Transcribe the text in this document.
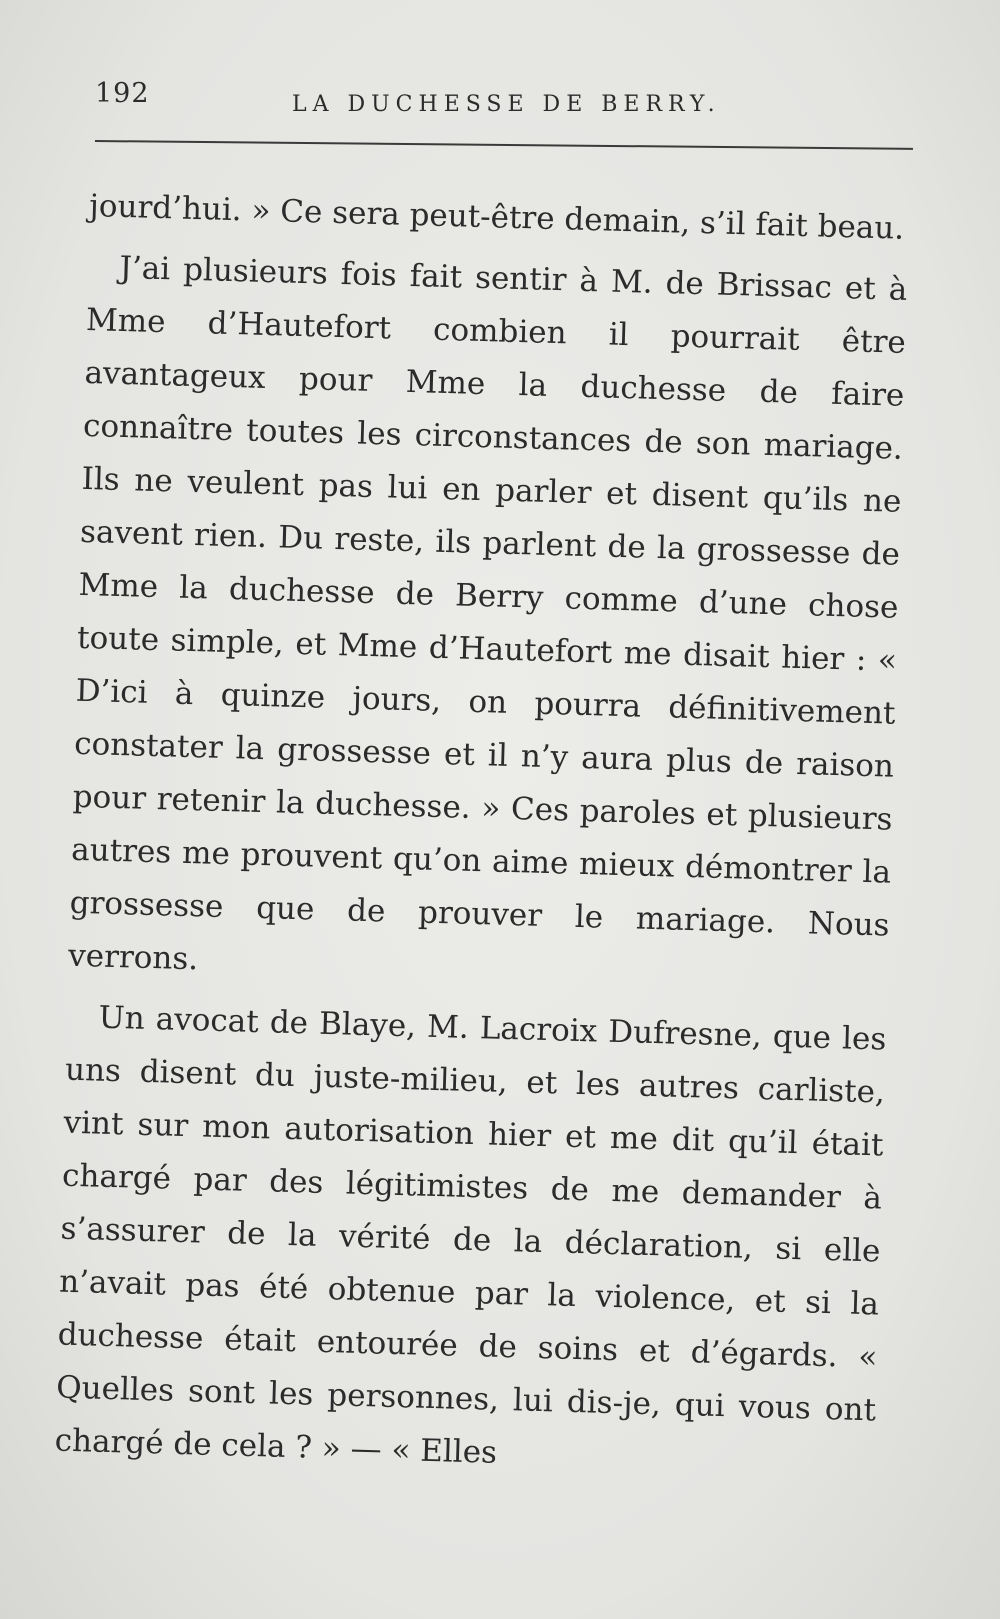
192	LA DUCHESSE DE BERRY.

jourd’hui. » Ce sera peut-être demain, s’il fait beau.

J’ai plusieurs fois fait sentir à M. de Brissac et à Mme d’Hautefort combien il pourrait être avantageux pour Mme la duchesse de faire connaître toutes les circonstances de son mariage. Ils ne veulent pas lui en parler et disent qu’ils ne savent rien. Du reste, ils parlent de la grossesse de Mme la duchesse de Berry comme d’une chose toute simple, et Mme d’Hautefort me disait hier : « D’ici à quinze jours, on pourra définitivement constater la grossesse et il n’y aura plus de raison pour retenir la duchesse. » Ces paroles et plusieurs autres me prouvent qu’on aime mieux démontrer la grossesse que de prouver le mariage. Nous verrons.

Un avocat de Blaye, M. Lacroix Dufresne, que les uns disent du juste-milieu, et les autres carliste, vint sur mon autorisation hier et me dit qu’il était chargé par des légitimistes de me demander à s’assurer de la vérité de la déclaration, si elle n’avait pas été obtenue par la violence, et si la duchesse était entourée de soins et d’égards. « Quelles sont les personnes, lui dis-je, qui vous ont chargé de cela ? » — « Elles
